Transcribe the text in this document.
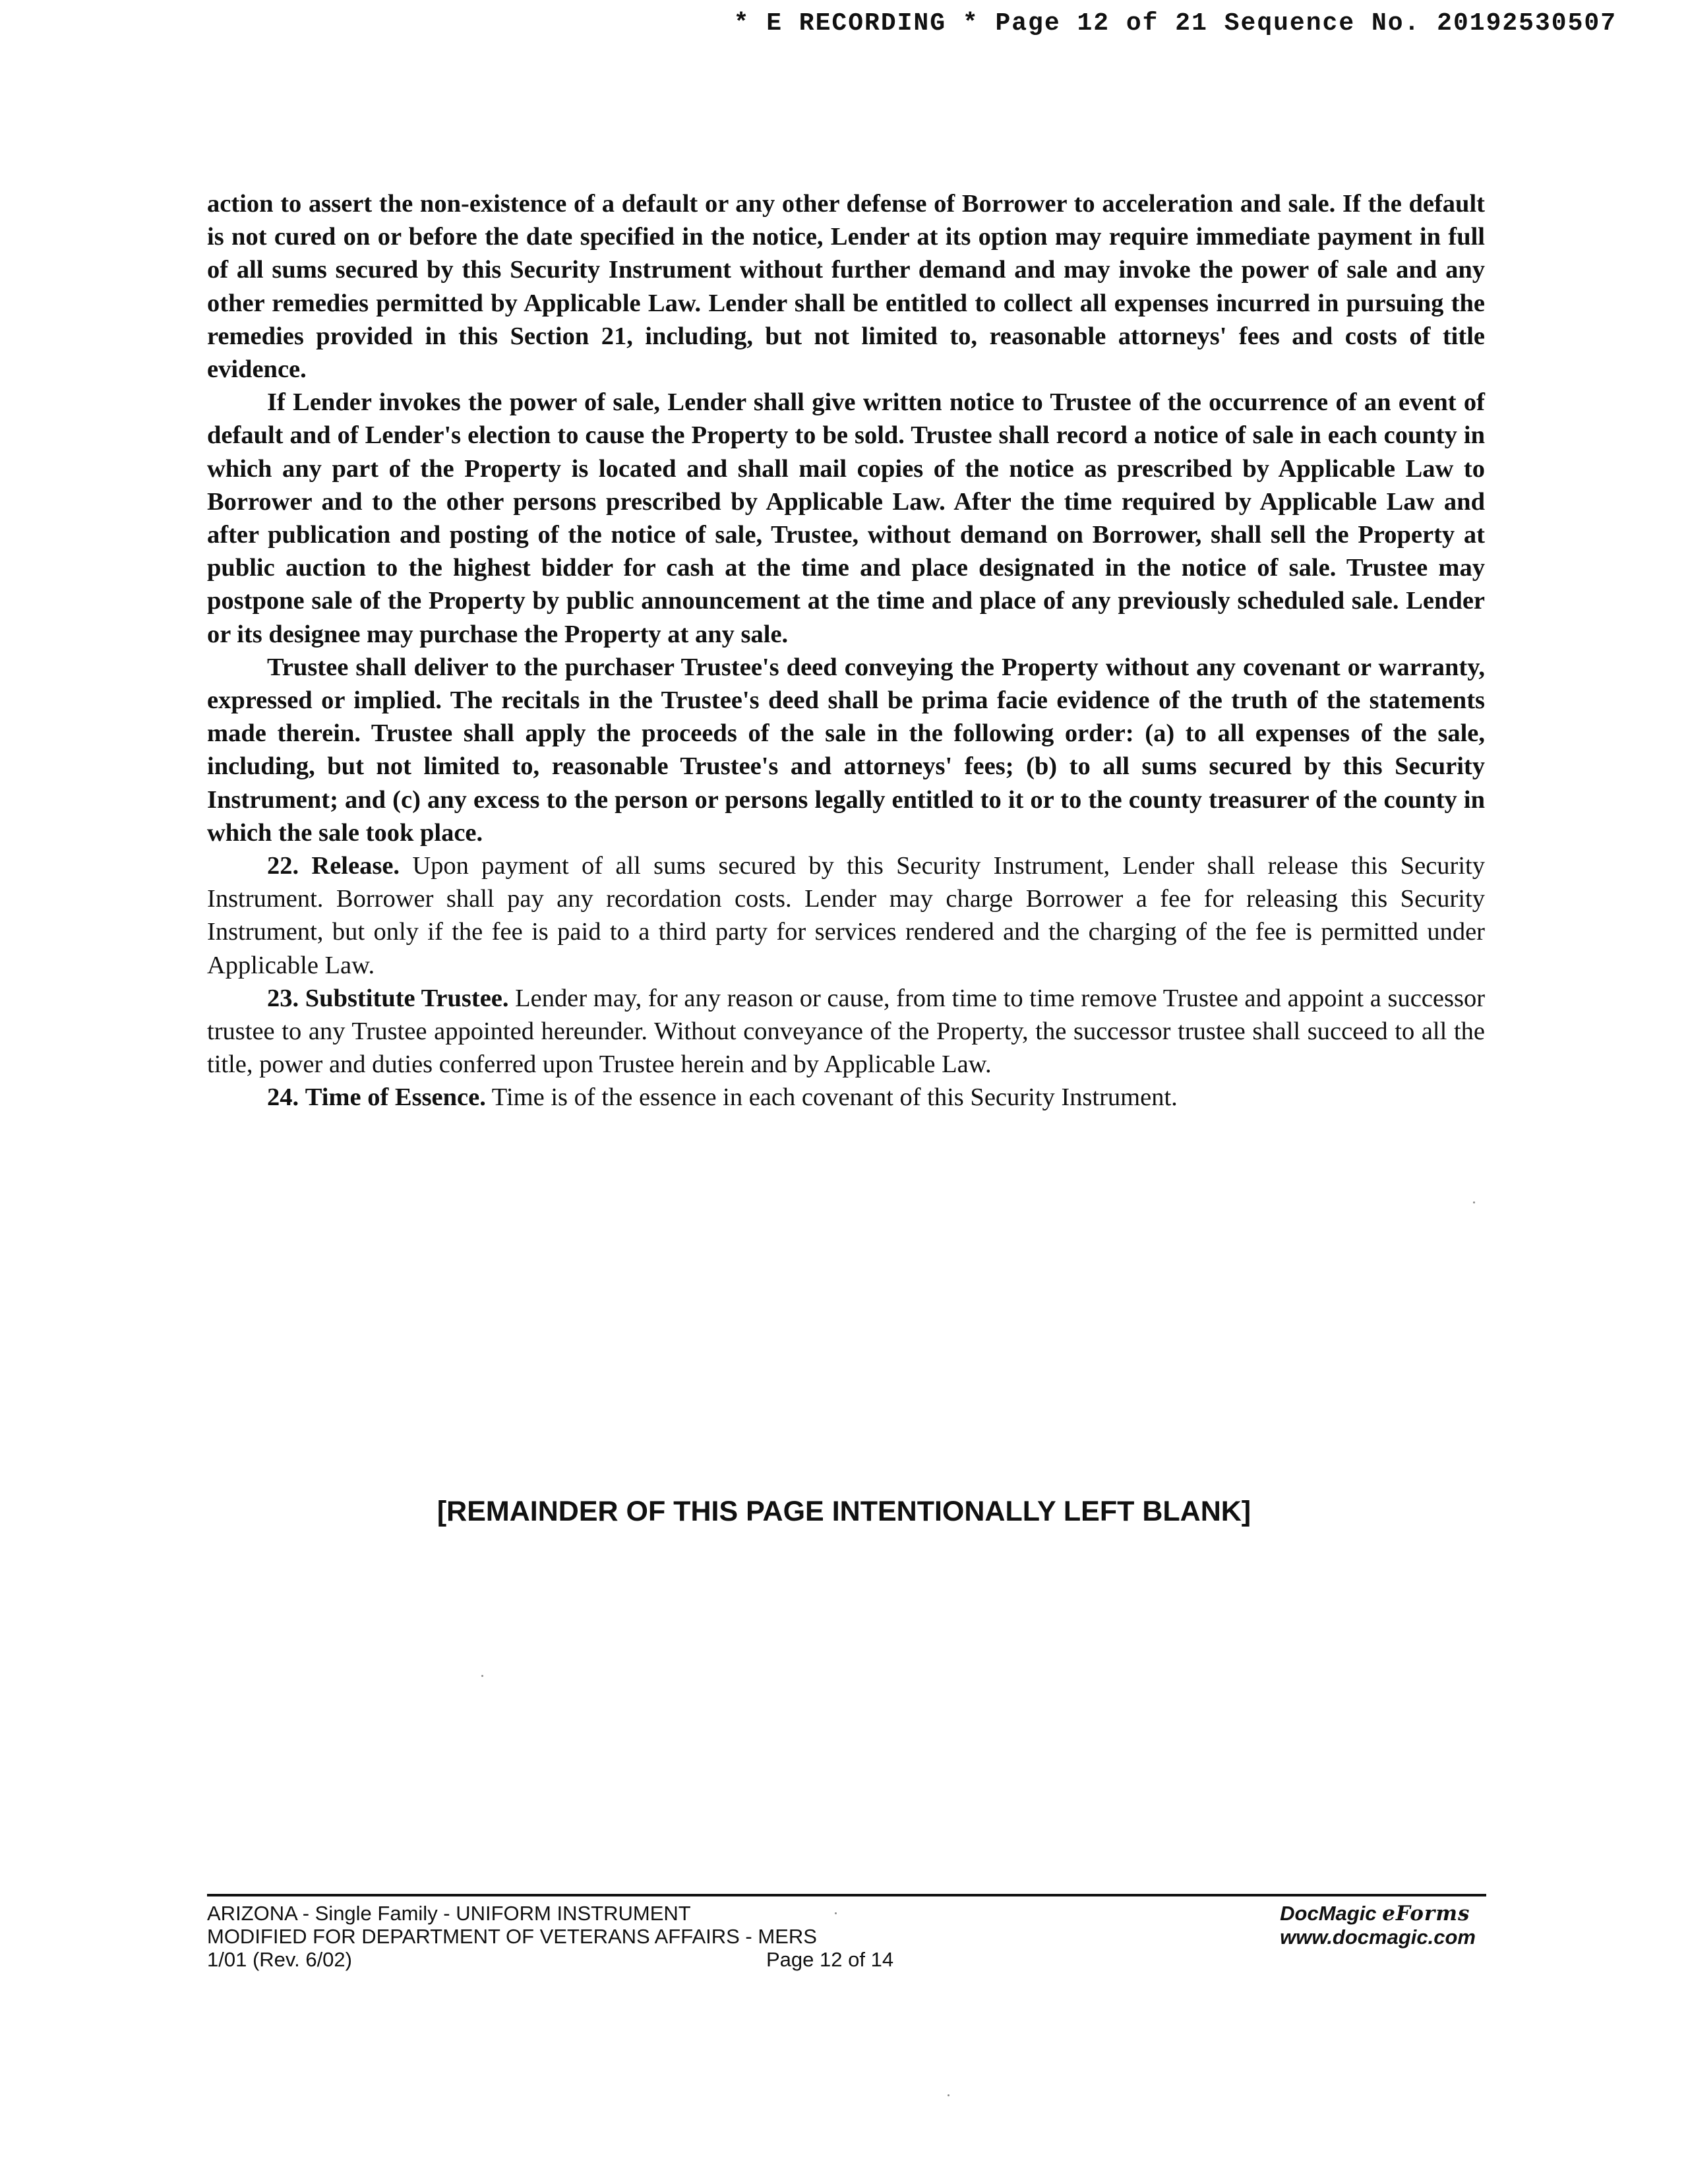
* E RECORDING * Page 12 of 21 Sequence No. 20192530507

action to assert the non-existence of a default or any other defense of Borrower to acceleration and sale. If the default is not cured on or before the date specified in the notice, Lender at its option may require immediate payment in full of all sums secured by this Security Instrument without further demand and may invoke the power of sale and any other remedies permitted by Applicable Law. Lender shall be entitled to collect all expenses incurred in pursuing the remedies provided in this Section 21, including, but not limited to, reasonable attorneys' fees and costs of title evidence.

If Lender invokes the power of sale, Lender shall give written notice to Trustee of the occurrence of an event of default and of Lender's election to cause the Property to be sold. Trustee shall record a notice of sale in each county in which any part of the Property is located and shall mail copies of the notice as prescribed by Applicable Law to Borrower and to the other persons prescribed by Applicable Law. After the time required by Applicable Law and after publication and posting of the notice of sale, Trustee, without demand on Borrower, shall sell the Property at public auction to the highest bidder for cash at the time and place designated in the notice of sale. Trustee may postpone sale of the Property by public announcement at the time and place of any previously scheduled sale. Lender or its designee may purchase the Property at any sale.

Trustee shall deliver to the purchaser Trustee's deed conveying the Property without any covenant or warranty, expressed or implied. The recitals in the Trustee's deed shall be prima facie evidence of the truth of the statements made therein. Trustee shall apply the proceeds of the sale in the following order: (a) to all expenses of the sale, including, but not limited to, reasonable Trustee's and attorneys' fees; (b) to all sums secured by this Security Instrument; and (c) any excess to the person or persons legally entitled to it or to the county treasurer of the county in which the sale took place.

22. Release. Upon payment of all sums secured by this Security Instrument, Lender shall release this Security Instrument. Borrower shall pay any recordation costs. Lender may charge Borrower a fee for releasing this Security Instrument, but only if the fee is paid to a third party for services rendered and the charging of the fee is permitted under Applicable Law.

23. Substitute Trustee. Lender may, for any reason or cause, from time to time remove Trustee and appoint a successor trustee to any Trustee appointed hereunder. Without conveyance of the Property, the successor trustee shall succeed to all the title, power and duties conferred upon Trustee herein and by Applicable Law.

24. Time of Essence. Time is of the essence in each covenant of this Security Instrument.

[REMAINDER OF THIS PAGE INTENTIONALLY LEFT BLANK]
ARIZONA - Single Family - UNIFORM INSTRUMENT
MODIFIED FOR DEPARTMENT OF VETERANS AFFAIRS - MERS
1/01 (Rev. 6/02)	Page 12 of 14
DocMagic eForms
www.docmagic.com
